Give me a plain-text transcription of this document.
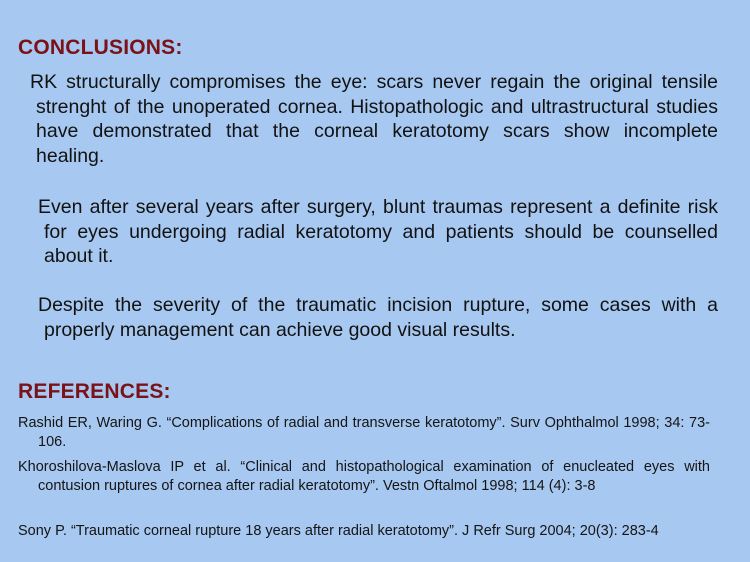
CONCLUSIONS:
RK structurally compromises the eye: scars never regain the original tensile strenght of the unoperated cornea. Histopathologic and ultrastructural studies have demonstrated that the corneal keratotomy scars show incomplete healing.
Even after several years after surgery, blunt traumas represent a definite risk for eyes undergoing radial keratotomy and patients should be counselled about it.
Despite the severity of the traumatic incision rupture, some cases with a properly management can achieve good visual results.
REFERENCES:
Rashid ER, Waring G. “Complications of radial and transverse keratotomy”. Surv Ophthalmol 1998; 34: 73-106.
Khoroshilova-Maslova IP et al. “Clinical and histopathological examination of enucleated eyes with contusion ruptures of cornea after radial keratotomy”. Vestn Oftalmol 1998; 114 (4): 3-8
Sony P. “Traumatic corneal rupture 18 years after radial keratotomy”. J Refr Surg 2004; 20(3): 283-4
